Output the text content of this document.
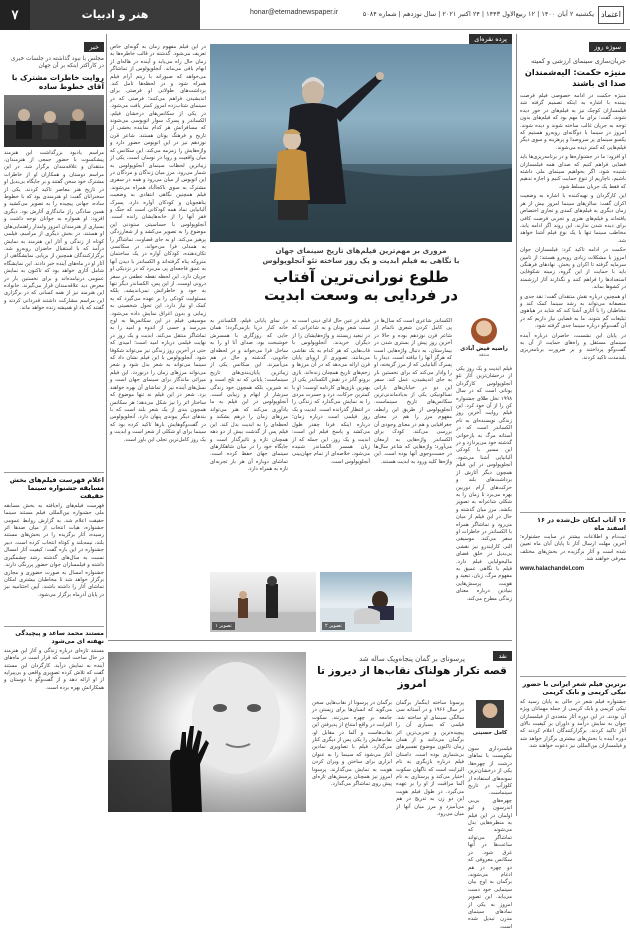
اعتماد
یکشنبه ۲ آبان ۱۴۰۰ | ۱۲ ربیع‌الاول ۱۴۴۳ | ۲۴ اکتبر ۲۰۲۱ | سال نوزدهم | شماره ۵۰۸۴
honar@etemadnewspaper.ir
هنر و ادبیات
۷
سوژه روز
جریان‌سازی سینمای ارزشی و کمیته
منیژه حکمت: الیه‌شمندان صدا ای باشند

منیژه حکمت در ادامه خصوصی فیلم فرصت بیننده با اشاره به اینکه تصمیم گرفته شد فیلمسازان کوچک نیز به فیلم‌های در خور دیده شوند، گفت: برای ما مهم بود که فیلم‌های بدون توجه به جریان غالب ساخته شوند و دیده شوند. امروز در سینما با دوگانه‌ای روبه‌رو هستیم که یکسو سینمای پر سروصدا و پرهزینه و سوی دیگر فیلم‌هایی که کمتر دیده می‌شوند.

او افزود: ما در جشنواره‌ها و در برنامه‌ریزی‌ها باید فضایی فراهم کنیم که صدای همه فیلمسازان شنیده شود. اگر بخواهیم سینمای ملی داشته باشیم، ناچاریم از تنوع حمایت کنیم و اجازه ندهیم که فقط یک جریان مسلط شود.

این کارگردان و تهیه‌کننده با اشاره به وضعیت اکران گفت: سالن‌های سینما امروز بیش از هر زمان دیگری به فیلم‌های کمدی و تجاری اختصاص یافته‌اند و فیلم‌های هنری و تجربی فرصت کافی برای دیده شدن ندارند. این روند اگر ادامه یابد، مخاطب سینما تنها با یک نوع فیلم آشنا خواهد شد.

حکمت در ادامه تاکید کرد: فیلمسازان جوان امروز با مشکلات زیادی روبه‌رو هستند؛ از تامین سرمایه گرفته تا اکران و پخش. نهادهای فرهنگی باید با حمایت از این گروه، زمینه شکوفایی استعدادها را فراهم کنند و نگذارند آثار ارزشمند در کشوها بماند.

او همچنین درباره نقش منتقدان گفت: نقد جدی و منصفانه می‌تواند به رشد سینما کمک کند و مخاطبان را با آثاری آشنا کند که شاید در هیاهوی تبلیغات گم شوند. ما به فضایی نیاز داریم که در آن گفت‌وگو درباره سینما جدی گرفته شود.

در پایان این نشست، حاضران درباره آینده سینمای مستقل و راه‌های حمایت از آن به گفت‌وگو پرداختند و بر ضرورت برنامه‌ریزی بلندمدت تاکید کردند.

۱۶ آثاب امکان حل‌شده در ۱۶ اسفند ماه
ثبت‌نام و اطلاعات بیشتر در سایت جشنواره؛ آخرین مهلت ارسال آثار تا پایان آبان ماه تعیین شده است و آثار برگزیده در بخش‌های مختلف معرفی خواهند شد.
www.halachandel.com
برترین فیلم شعر ایرانی با حضور نیکی کریمی و بابک کریمی
جشنواره فیلم شعر در حالی به پایان رسید که نیکی کریمی و بابک کریمی از جمله مهمانان ویژه آن بودند. در این دوره آثار متعددی از فیلمسازان جوان به نمایش درآمد و داوران بر کیفیت بالای آثار تاکید کردند. برگزارکنندگان اعلام کردند که دوره آینده با بخش‌های بیشتری برگزار خواهد شد و فیلمسازان بین‌المللی نیز دعوت خواهند شد.
پرده نقره‌ای
مروری بر مهم‌ترین فیلم‌های تاریخ سینمای جهان
با نگاهی به فیلم ابدیت و یک روز ساخته تئو آنجلوپولوس
طلوع نورانی‌ترین آفتاب
در فردایی به وسعت ابدیت
راضیه فیض آبادی
منتقد
فیلم ابدیت و یک روز یکی از درخشان‌ترین آثار تئو آنجلوپولوس کارگردان یونانی است که در سال ۱۹۹۸ نخل طلای جشنواره کن را از آن خود کرد. این فیلم روایت آخرین روز زندگی نویسنده‌ای به نام الکساندر است که در آستانه مرگ به بازخوانی گذشته خود می‌پردازد و در این مسیر با کودکی آلبانیایی آشنا می‌شود. آنجلوپولوس در این فیلم همچون دیگر آثارش از برداشت‌های بلند و حرکت‌های آرام دوربین بهره می‌برد تا زمان را به شکلی شاعرانه به تصویر بکشد. مرز میان گذشته و حال در این فیلم از میان می‌رود و تماشاگر همراه با الکساندر در خاطرات او سفر می‌کند. موسیقی النی کارایندرو نیز نقشی بی‌بدیل در خلق فضای مالیخولیایی فیلم دارد. فیلم با نگاهی عمیق به مفهوم مرگ، زبان، تبعید و هویت، پرسش‌هایی بنیادین درباره معنای زندگی مطرح می‌کند.
الکساندر شاعری است که سال‌ها در پی کامل کردن شعری ناتمام از شاعر قرن نوزدهم بوده و حالا در آخرین روز پیش از بستری شدن در بیمارستان، به دنبال واژه‌هایی است که هرگز آنها را نیافته است. دیدار با پسرک آلبانیایی که از مرز گریخته، او را وادار می‌کند که برای نخستین بار به جای اندیشیدن، عمل کند. سفر این دو در خیابان‌های بارانی تسالونیکی یکی از به‌یادماندنی‌ترین سکانس‌های تاریخ سینماست. آنجلوپولوس از طریق این رابطه، مفهوم مرز را هم در معنای جغرافیایی و هم در معنای وجودی آن بررسی می‌کند. کودک برای الکساندر واژه‌هایی به ارمغان می‌آورد؛ واژه‌هایی که شاعر سال‌ها در جست‌وجوی آنها بوده است. این واژه‌ها کلید ورود به ابدیت هستند.
فیلم در عین حال ادای دینی است به سنت شعر یونان و به شاعرانی که در تبعید زیستند و واژه‌هایشان را از دیگران خریدند. آنجلوپولوس با قاب‌هایی که هر کدام به یک نقاشی می‌مانند، تصویری از اروپای پایان قرن ارائه می‌دهد که در آن مرزها و زخم‌های تاریخ همچنان زنده‌اند. بازی برونو گانز در نقش الکساندر یکی از بهترین بازی‌های کارنامه اوست؛ او با کمترین حرکات، درد و حسرت مردی را به نمایش می‌گذارد که زندگی را در انتظار گذرانده است. ابدیت و یک روز فیلمی است درباره زمان؛ درباره اینکه فردا چقدر طول می‌کشد و پاسخ فیلم این است: ابدیت و یک روز. این جمله که از زبان همسر الکساندر شنیده می‌شود، خلاصه‌ای از تمام جهان‌بینی آنجلوپولوس است.
در نمای پایانی فیلم، الکساندر به خانه کنار دریا بازمی‌گردد؛ همان جایی که روزگاری با همسرش خوشبخت بود. صدای آنا او را به ساحل فرا می‌خواند و در لحظه‌ای جادویی، گذشته و حال در هم می‌آمیزند. این سکانس یکی از زیباترین پایان‌بندی‌های تاریخ سینماست؛ پایانی که نه تلخ است و نه شیرین، بلکه همچون خود زندگی سرشار از ابهام و زیبایی است. آنجلوپولوس در این فیلم به ما یادآوری می‌کند که هنر می‌تواند مرزهای زمان را درهم بشکند و لحظه‌ای را به ابدیت بدل کند. این فیلم پس از گذشت بیش از دو دهه همچنان تازه و تاثیرگذار است و جایگاه خود را در میان شاهکارهای سینمای جهان حفظ کرده است. تماشای دوباره آن هر بار تجربه‌ای تازه به همراه دارد.
تصویر ۲
تصویر ۱
در این فیلم مفهوم زمان به گونه‌ای خاص تعریف می‌شود. گذشته در قالب خاطره‌ها به زمان حال راه می‌یابد و آینده در هاله‌ای از ابهام باقی می‌ماند. آنجلوپولوس از تماشاگر می‌خواهد که صبورانه با ریتم آرام فیلم همراه شود و در لحظه‌ها تامل کند. برداشت‌های طولانی او فرصتی برای اندیشیدن فراهم می‌کنند؛ فرصتی که در سینمای شتاب‌زده امروز کمتر یافت می‌شود. در یکی از سکانس‌های درخشان فیلم، الکساندر و پسرک سوار اتوبوسی می‌شوند که مسافرانش هر کدام نماینده بخشی از تاریخ و فرهنگ یونان هستند. شاعر قرن نوزدهم نیز در این اتوبوس حضور دارد و واژه‌هایش را زمزمه می‌کند. این سکانس که میان واقعیت و رویا در نوسان است، یکی از زیباترین لحظات سینمای آنجلوپولوس به شمار می‌رود. مرز میان زندگان و مردگان در این اتوبوس از میان می‌رود و همه در سفری مشترک به سوی ناکجاآباد همراه می‌شوند. فیلم همچنین نگاهی انتقادی به وضعیت پناهجویان و کودکان آواره دارد. پسرک آلبانیایی نماد همه کودکانی است که جنگ و فقر آنها را از خانه‌هایشان رانده است. آنجلوپولوس با حساسیتی ستودنی این موضوع را به تصویر می‌کشد و از شعارزدگی پرهیز می‌کند. او به جای قضاوت، تماشاگر را به همدلی فرا می‌خواند. در سکانسی تکان‌دهنده، کودکان آواره در یک ساختمان متروکه پناه گرفته‌اند و الکساندر با دیدن آنها به عمق فاجعه‌ای پی می‌برد که در نزدیکی او جریان دارد. این لحظه نقطه عطفی در سفر درونی اوست. از این پس، الکساندر دیگر تنها به خود و خاطراتش نمی‌اندیشد، بلکه مسئولیت کودکی را بر عهده می‌گیرد که به کمک او نیاز دارد. این تحول شخصیتی به زیبایی و بدون اغراق نمایش داده می‌شود. موسیقی فیلم در این سکانس‌ها به اوج می‌رسد و حسی از اندوه و امید را به تماشاگر منتقل می‌کند. ابدیت و یک روز در نهایت فیلمی درباره امید است؛ امیدی که حتی در آخرین روز زندگی نیز می‌تواند شکوفا شود. آنجلوپولوس با این فیلم نشان داد که سینما می‌تواند به شعر بدل شود و شعر می‌تواند مرزهای زمان را درنوردد. این فیلم میراثی ماندگار برای سینمای جهان است و نسل‌های آینده نیز از تماشای آن بهره خواهند برد. شعر در این فیلم نه تنها موضوع که ساختار اثر را نیز شکل می‌دهد؛ هر سکانس همچون بندی از یک شعر بلند است که با بندهای دیگر پیوندی پنهان دارد. آنجلوپولوس در گفت‌وگوهایش بارها تاکید کرده بود که سینما برای او شکلی از شعر است و ابدیت و یک روز کامل‌ترین تجلی این باور است.
خبر
مجلس با نبود گذاشته در جلسات خبری در کاراکتر اینکه بر آن جهان
روایت خاطرات مشترک با آقای خطوط ساده
مراسم یادبود بزرگداشت این هنرمند پیشکسوت با حضور جمعی از هنرمندان، منتقدان و علاقه‌مندان برگزار شد. در این مراسم دوستان و همکاران او از خاطرات مشترک خود سخن گفتند و بر جایگاه بی‌بدیل او در تاریخ هنر معاصر تاکید کردند. یکی از سخنرانان گفت: او هنرمندی بود که با خطوط ساده، جهانی پیچیده را به تصویر می‌کشید و همین سادگی راز ماندگاری آثارش بود. دیگری افزود: او همواره به جوانان توجه داشت و بسیاری از هنرمندان امروز وامدار راهنمایی‌های او هستند. در بخش دیگری از مراسم، فیلمی کوتاه از زندگی و آثار این هنرمند به نمایش درآمد که با استقبال حاضران روبه‌رو شد. برگزارکنندگان همچنین از برپایی نمایشگاهی از آثار او در ماه‌های آینده خبر دادند. این نمایشگاه شامل آثاری خواهد بود که تاکنون به نمایش عمومی درنیامده‌اند و برای نخستین بار در معرض دید علاقه‌مندان قرار می‌گیرند. خانواده این هنرمند نیز از همه کسانی که در برگزاری این مراسم مشارکت داشتند قدردانی کردند و گفتند که یاد او همیشه زنده خواهد ماند.
اعلام فهرست فیلم‌های بخش مسابقه جشنواره سینما حقیقت
فهرست فیلم‌های راه‌یافته به بخش مسابقه ملی جشنواره بین‌المللی فیلم مستند سینما حقیقت اعلام شد. به گزارش روابط عمومی جشنواره، هیات انتخاب از میان صدها اثر رسیده، آثار برگزیده را در بخش‌های مستند بلند، نیمه‌بلند و کوتاه انتخاب کرده است. دبیر جشنواره در این باره گفت: کیفیت آثار امسال نسبت به سال‌های گذشته رشد چشمگیری داشته و فیلمسازان جوان حضور پررنگی دارند. جشنواره امسال به صورت حضوری و مجازی برگزار خواهد شد تا مخاطبان بیشتری امکان تماشای آثار را داشته باشند. آیین اختتامیه نیز در پایان آذرماه برگزار می‌شود.
مستند محمد ساعد و پیچیدگی نهفته ای می‌شود
مستند تازه‌ای درباره زندگی و آثار این هنرمند در حال ساخت است که قرار است در ماه‌های آینده به نمایش درآید. کارگردان این مستند گفت که تلاش کرده تصویری واقعی و بی‌پیرایه از او ارائه دهد و از گفت‌وگو با دوستان و همکارانش بهره برده است.
نقد
پرسوناى بر گمان پنجاه‌ویک ساله شد
قصه تکرار هولناک نقاب‌ها از دیروز تا امروز
کامل حسینی
پرسونا ساخته اینگمار برگمان در سال ۱۹۶۶ و در آستانه سی سالگی سینمای او ساخته شد. فیلمی که بسیاری آن را پیچیده‌ترین و تجربی‌ترین اثر برگمان می‌دانند و از همان زمان تاکنون موضوع تفسیرهای بی‌شماری بوده است. داستان فیلم درباره بازیگری به نام الیزابت است که ناگهان سکوت اختیار می‌کند و پرستاری به نام آلما مراقبت از او را بر عهده می‌گیرد. در طول فیلم هویت این دو زن به تدریج در هم می‌آمیزد و مرز میان آنها از میان می‌رود.
فیلمبرداری سون نیکویست با نماهای درشت از چهره‌ها، یکی از درخشان‌ترین نمونه‌های استفاده از کلوزآپ در تاریخ سینماست. چهره‌های بی‌بی اندرسون و لیو اولمان در این فیلم به منظره‌هایی بدل می‌شوند که تماشاگر می‌تواند ساعت‌ها در آنها غرق شود. در سکانس معروفی که دو چهره در هم ادغام می‌شوند، برگمان به اوج بیان سینمایی خود دست می‌یابد. این تصویر امروز به یکی از نمادهای سینمای مدرن تبدیل شده است.
برگمان در پرسونا از نقاب‌هایی سخن می‌گوید که انسان‌ها برای زیستن در جامعه بر چهره می‌زنند. سکوت الیزابت در واقع امتناع از پذیرفتن این نقاب‌هاست و آلما در مقابل او، نقاب‌هایش را یکی پس از دیگری کنار می‌گذارد. فیلم با تصاویری نمادین آغاز می‌شود که سینما را به عنوان ابزاری برای ساختن و ویران کردن هویت به نمایش می‌گذارند. پرسونا امروز نیز همچنان پرسش‌های تازه‌ای پیش روی تماشاگر می‌گذارد.
